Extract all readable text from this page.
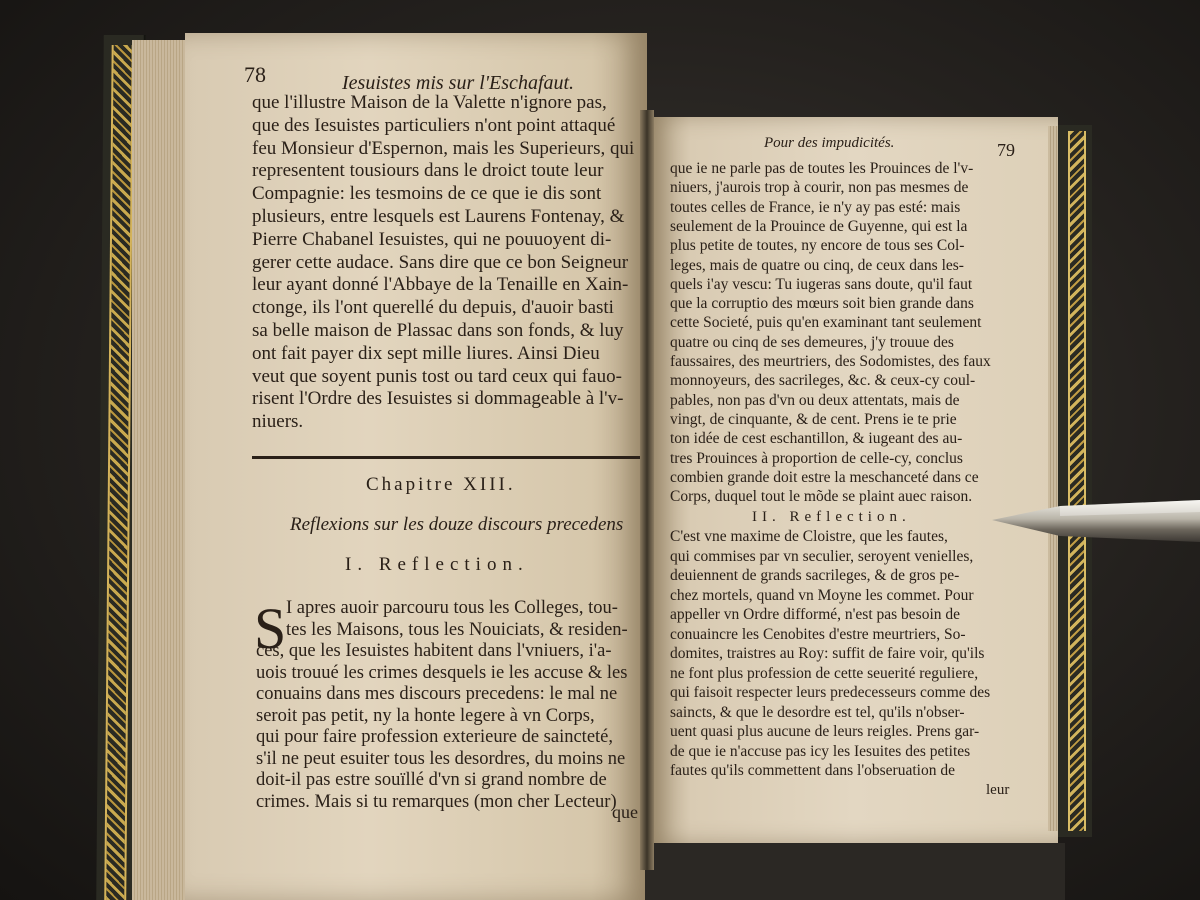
78	Iesuistes mis sur l'Eschafaut.
que l'illustre Maison de la Valette n'ignore pas,
que des Iesuistes particuliers n'ont point attaqué
feu Monsieur d'Espernon, mais les Superieurs, qui
representent tousiours dans le droict toute leur
Compagnie: les tesmoins de ce que ie dis sont
plusieurs, entre lesquels est Laurens Fontenay, &
Pierre Chabanel Iesuistes, qui ne pouuoyent di-
gerer cette audace. Sans dire que ce bon Seigneur
leur ayant donné l'Abbaye de la Tenaille en Xain-
ctonge, ils l'ont querellé du depuis, d'auoir basti
sa belle maison de Plassac dans son fonds, & luy
ont fait payer dix sept mille liures. Ainsi Dieu
veut que soyent punis tost ou tard ceux qui fauo-
risent l'Ordre des Iesuistes si dommageable à l'v-
niuers.
Chapitre XIII.
Reflexions sur les douze discours precedens
I. Reflection.
S I apres auoir parcouru tous les Colleges, tou-
tes les Maisons, tous les Nouiciats, & residen-
ces, que les Iesuistes habitent dans l'vniuers, i'a-
uois trouué les crimes desquels ie les accuse & les
conuains dans mes discours precedens: le mal ne
seroit pas petit, ny la honte legere à vn Corps,
qui pour faire profession exterieure de saincteté,
s'il ne peut esuiter tous les desordres, du moins ne
doit-il pas estre souïllé d'vn si grand nombre de
crimes. Mais si tu remarques (mon cher Lecteur)
que
Pour des impudicités.	79
que ie ne parle pas de toutes les Prouinces de l'v-
niuers, j'aurois trop à courir, non pas mesmes de
toutes celles de France, ie n'y ay pas esté: mais
seulement de la Prouince de Guyenne, qui est la
plus petite de toutes, ny encore de tous ses Col-
leges, mais de quatre ou cinq, de ceux dans les-
quels i'ay vescu: Tu iugeras sans doute, qu'il faut
que la corruptio des mœurs soit bien grande dans
cette Societé, puis qu'en examinant tant seulement
quatre ou cinq de ses demeures, j'y trouue des
faussaires, des meurtriers, des Sodomistes, des faux
monnoyeurs, des sacrileges, &c. & ceux-cy coul-
pables, non pas d'vn ou deux attentats, mais de
vingt, de cinquante, & de cent. Prens ie te prie
ton idée de cest eschantillon, & iugeant des au-
tres Prouinces à proportion de celle-cy, conclus
combien grande doit estre la meschanceté dans ce
Corps, duquel tout le mõde se plaint auec raison.
II. Reflection.
C'est vne maxime de Cloistre, que les fautes,
qui commises par vn seculier, seroyent venielles,
deuiennent de grands sacrileges, & de gros pe-
chez mortels, quand vn Moyne les commet. Pour
appeller vn Ordre difformé, n'est pas besoin de
conuaincre les Cenobites d'estre meurtriers, So-
domites, traistres au Roy: suffit de faire voir, qu'ils
ne font plus profession de cette seuerité reguliere,
qui faisoit respecter leurs predecesseurs comme des
saincts, & que le desordre est tel, qu'ils n'obser-
uent quasi plus aucune de leurs reigles. Prens gar-
de que ie n'accuse pas icy les Iesuites des petites
fautes qu'ils commettent dans l'obseruation de
leur
